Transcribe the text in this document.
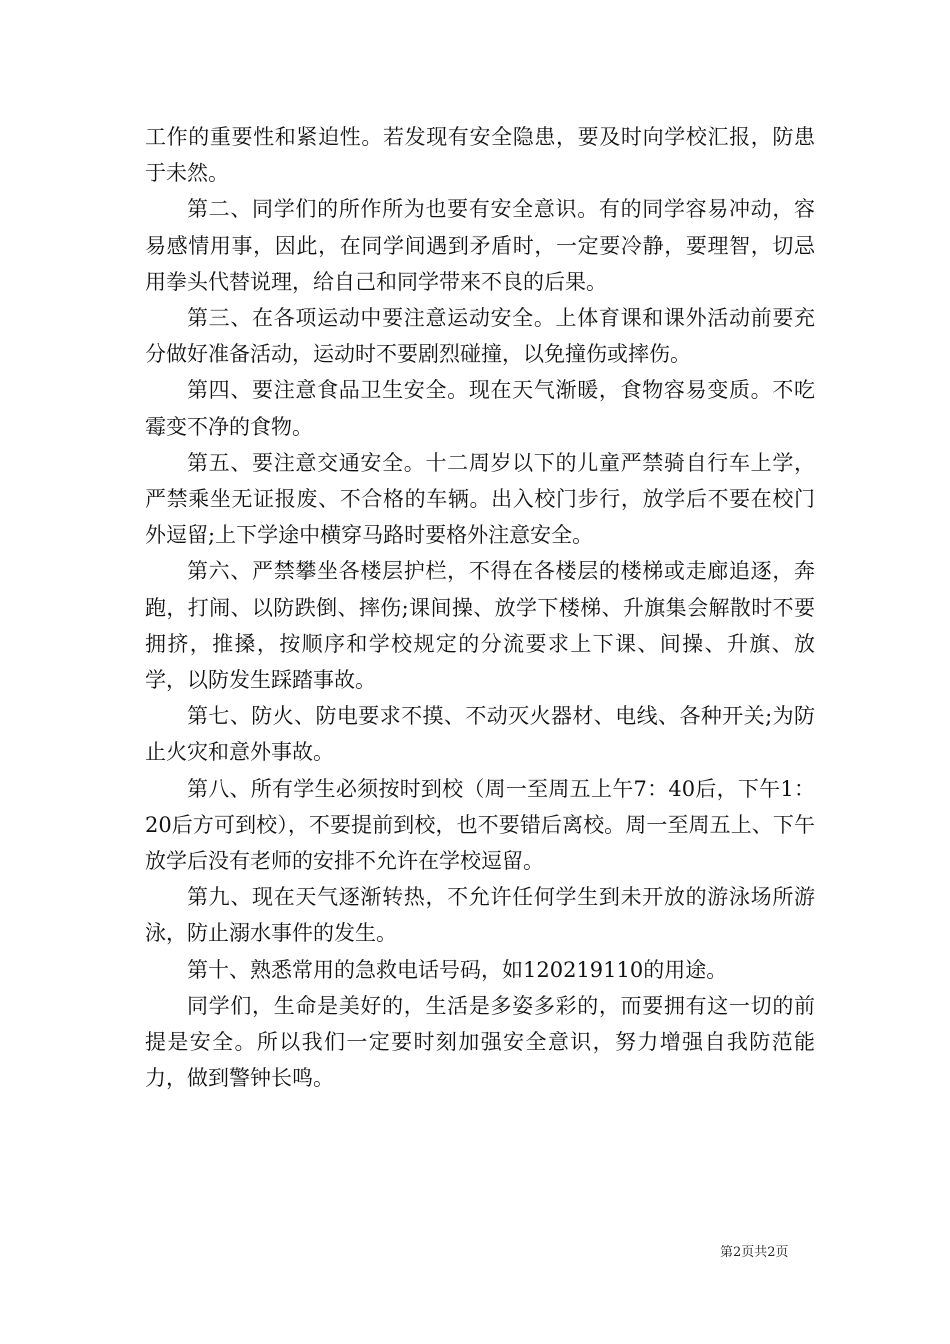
工作的重要性和紧迫性。若发现有安全隐患，要及时向学校汇报，防患于未然。

第二、同学们的所作所为也要有安全意识。有的同学容易冲动，容易感情用事，因此，在同学间遇到矛盾时，一定要冷静，要理智，切忌用拳头代替说理，给自己和同学带来不良的后果。

第三、在各项运动中要注意运动安全。上体育课和课外活动前要充分做好准备活动，运动时不要剧烈碰撞，以免撞伤或摔伤。

第四、要注意食品卫生安全。现在天气渐暖，食物容易变质。不吃霉变不净的食物。

第五、要注意交通安全。十二周岁以下的儿童严禁骑自行车上学，严禁乘坐无证报废、不合格的车辆。出入校门步行，放学后不要在校门外逗留;上下学途中横穿马路时要格外注意安全。

第六、严禁攀坐各楼层护栏，不得在各楼层的楼梯或走廊追逐，奔跑，打闹、以防跌倒、摔伤;课间操、放学下楼梯、升旗集会解散时不要拥挤，推搡，按顺序和学校规定的分流要求上下课、间操、升旗、放学，以防发生踩踏事故。

第七、防火、防电要求不摸、不动灭火器材、电线、各种开关;为防止火灾和意外事故。

第八、所有学生必须按时到校（周一至周五上午7：40后，下午1：20后方可到校），不要提前到校，也不要错后离校。周一至周五上、下午放学后没有老师的安排不允许在学校逗留。

第九、现在天气逐渐转热，不允许任何学生到未开放的游泳场所游泳，防止溺水事件的发生。

第十、熟悉常用的急救电话号码，如120219110的用途。

同学们，生命是美好的，生活是多姿多彩的，而要拥有这一切的前提是安全。所以我们一定要时刻加强安全意识，努力增强自我防范能力，做到警钟长鸣。

第2页共2页
